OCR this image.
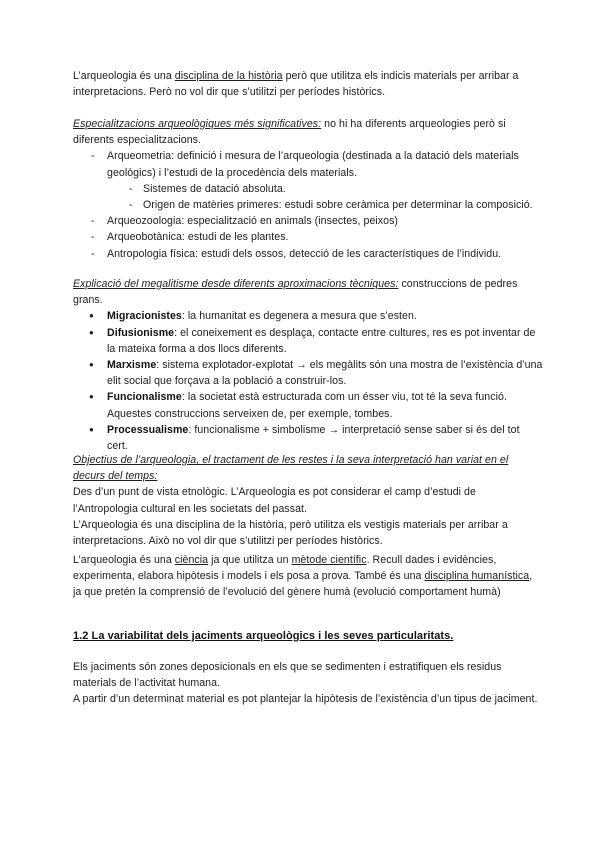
L’arqueologia és una disciplina de la història però que utilitza els indicis materials per arribar a interpretacions. Però no vol dir que s’utilitzi per períodes històrics.

Especialitzacions arqueològiques més significatives: no hi ha diferents arqueologies però si diferents especialitzacions.

- Arqueometria: definició i mesura de l’arqueologia (destinada a la datació dels materials geològics) i l’estudi de la procedència dels materials.
- Sistemes de datació absoluta.
- Origen de matèries primeres: estudi sobre ceràmica per determinar la composició.
- Arqueozoologia: especialització en animals (insectes, peixos)
- Arqueobotànica: estudi de les plantes.
- Antropologia física: estudi dels ossos, detecció de les característiques de l’individu.

Explicació del megalitisme desde diferents aproximacions tècniques: construccions de pedres grans.

● Migracionistes: la humanitat es degenera a mesura que s’esten.
● Difusionisme: el coneixement es desplaça, contacte entre cultures, res es pot inventar de la mateixa forma a dos llocs diferents.
● Marxisme: sistema explotador-explotat → els megàlits són una mostra de l’existència d’una elit social que forçava a la població a construir-los.
● Funcionalisme: la societat està estructurada com un ésser viu, tot té la seva funció. Aquestes construccions serveixen de, per exemple, tombes.
● Processualisme: funcionalisme + simbolisme → interpretació sense saber si és del tot cert.

Objectius de l’arqueologia, el tractament de les restes i la seva interpretació han variat en el decurs del temps:

Des d’un punt de vista etnològic. L’Arqueologia es pot considerar el camp d’estudi de l’Antropologia cultural en les societats del passat.

L’Arqueologia és una disciplina de la història, però utilitza els vestigis materials per arribar a interpretacions. Això no vol dir que s’utilitzi per períodes històrics.

L’arqueologia és una ciència ja que utilitza un mètode científic. Recull dades i evidències, experimenta, elabora hipòtesis i models i els posa a prova. També és una disciplina humanística, ja que pretén la comprensió de l’evolució del gènere humà (evolució comportament humà)

1.2 La variabilitat dels jaciments arqueològics i les seves particularitats.

Els jaciments són zones deposicionals en els que se sedimenten i estratifiquen els residus materials de l’activitat humana.

A partir d’un determinat material es pot plantejar la hipòtesis de l’existència d’un tipus de jaciment.
